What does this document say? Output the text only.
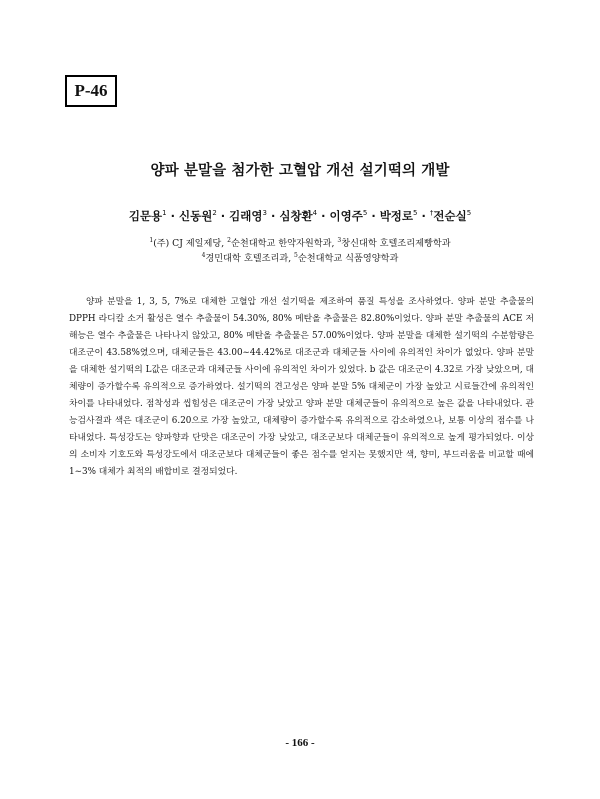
P-46
양파 분말을 첨가한 고혈압 개선 설기떡의 개발
김문용$^1$ · 신동원$^2$ · 김래영$^3$ · 심창환$^4$ · 이영주$^5$ · 박정로$^5$ · †전순실$^5$
$^1$(주) CJ 제일제당, $^2$순천대학교 한약자원학과, $^3$창신대학 호텔조리제빵학과
$^4$경민대학 호텔조리과, $^5$순천대학교 식품영양학과

양파 분말을 1, 3, 5, 7%로 대체한 고혈압 개선 설기떡을 제조하여 품질 특성을 조사하였다. 양파 분말 추출물의 DPPH 라디칼 소거 활성은 열수 추출물이 54.30%, 80% 메탄올 추출물은 82.80%이었다. 양파 분말 추출물의 ACE 저해능은 열수 추출물은 나타나지 않았고, 80% 메탄올 추출물은 57.00%이었다. 양파 분말을 대체한 설기떡의 수분함량은 대조군이 43.58%였으며, 대체군들은 43.00∼44.42%로 대조군과 대체군들 사이에 유의적인 차이가 없었다. 양파 분말을 대체한 설기떡의 L값은 대조군과 대체군들 사이에 유의적인 차이가 있었다. b 값은 대조군이 4.32로 가장 낮았으며, 대체량이 증가할수록 유의적으로 증가하였다. 설기떡의 견고성은 양파 분말 5% 대체군이 가장 높았고 시료들간에 유의적인 차이를 나타내었다. 점착성과 씹힘성은 대조군이 가장 낮았고 양파 분말 대체군들이 유의적으로 높은 값을 나타내었다. 관능검사결과 색은 대조군이 6.20으로 가장 높았고, 대체량이 증가할수록 유의적으로 감소하였으나, 보통 이상의 점수를 나타내었다. 특성강도는 양파향과 단맛은 대조군이 가장 낮았고, 대조군보다 대체군들이 유의적으로 높게 평가되었다. 이상의 소비자 기호도와 특성강도에서 대조군보다 대체군들이 좋은 점수를 얻지는 못했지만 색, 향미, 부드러움을 비교할 때에 1∼3% 대체가 최적의 배합비로 결정되었다.

- 166 -
